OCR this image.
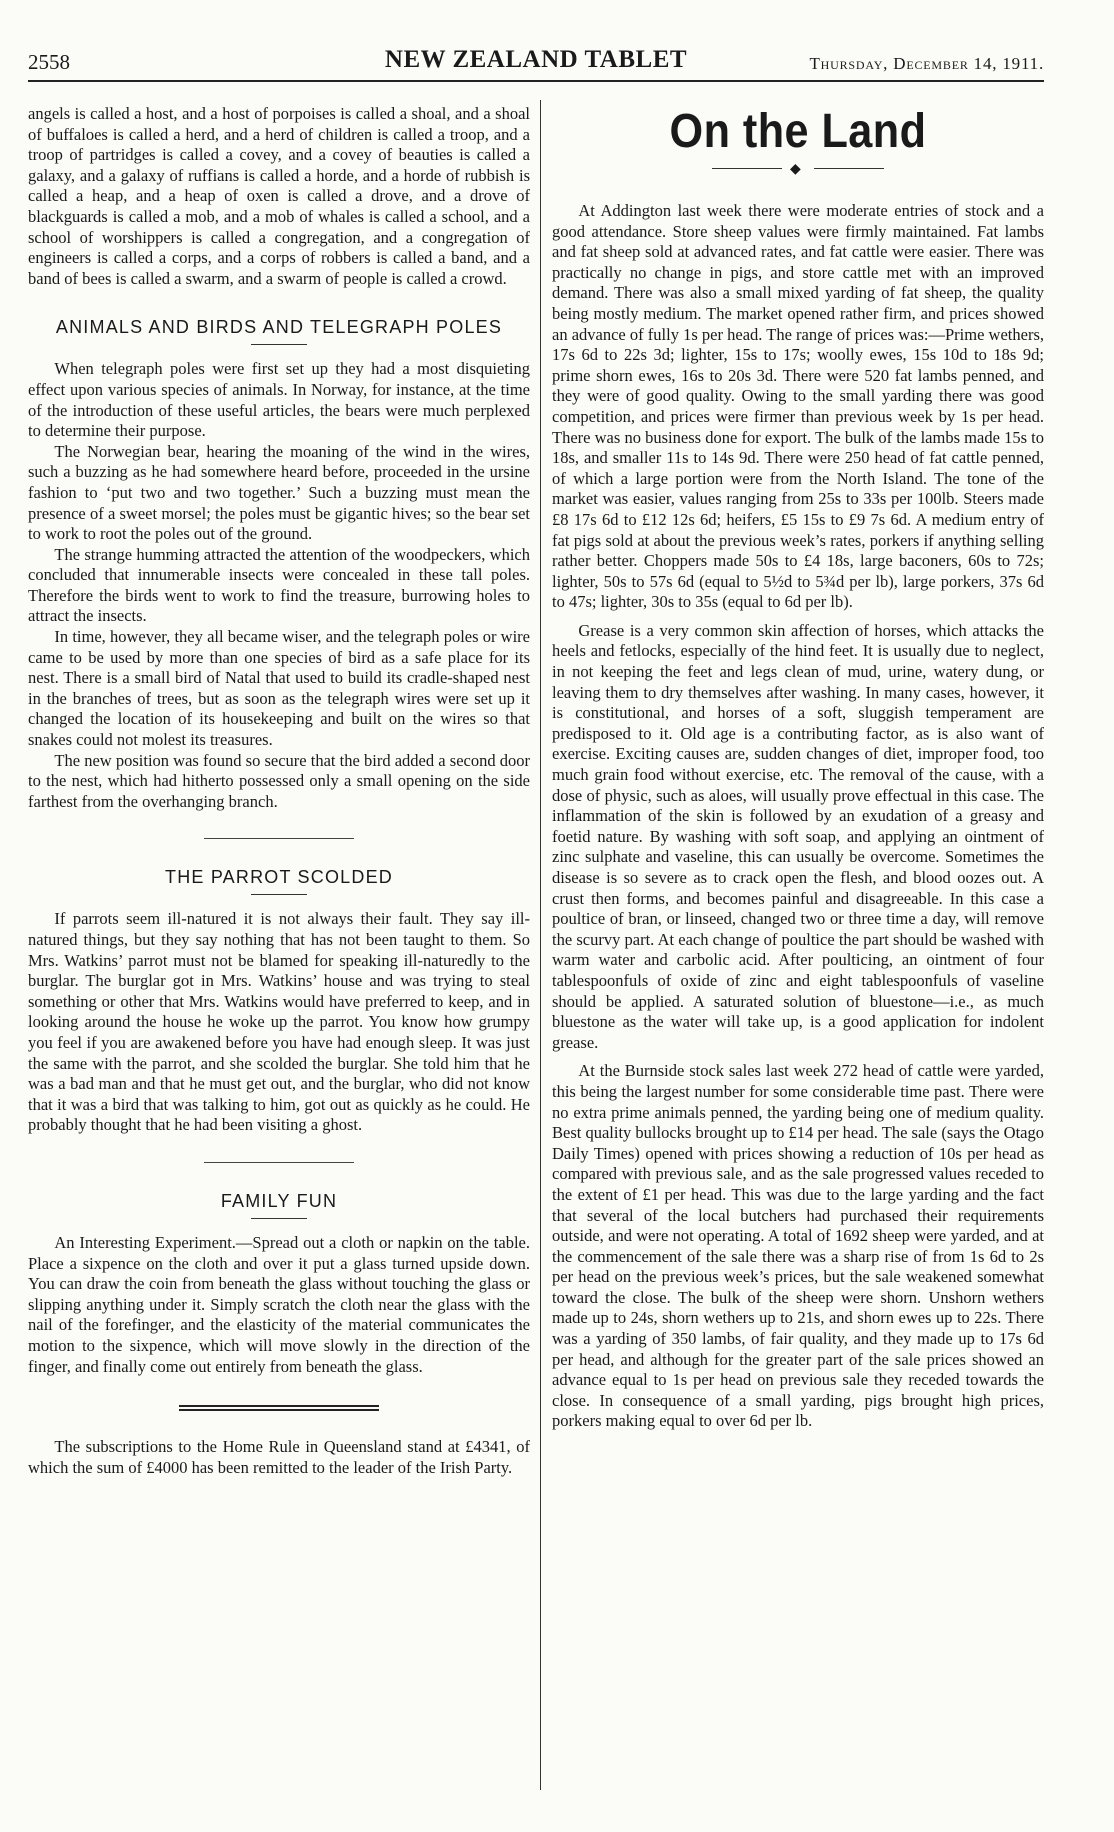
2558	NEW ZEALAND TABLET	Thursday, December 14, 1911.

angels is called a host, and a host of porpoises is called a shoal, and a shoal of buffaloes is called a herd, and a herd of children is called a troop, and a troop of partridges is called a covey, and a covey of beauties is called a galaxy, and a galaxy of ruffians is called a horde, and a horde of rubbish is called a heap, and a heap of oxen is called a drove, and a drove of blackguards is called a mob, and a mob of whales is called a school, and a school of worshippers is called a congregation, and a congregation of engineers is called a corps, and a corps of robbers is called a band, and a band of bees is called a swarm, and a swarm of people is called a crowd.

ANIMALS AND BIRDS AND TELEGRAPH POLES

When telegraph poles were first set up they had a most disquieting effect upon various species of animals. In Norway, for instance, at the time of the introduction of these useful articles, the bears were much perplexed to determine their purpose.

The Norwegian bear, hearing the moaning of the wind in the wires, such a buzzing as he had somewhere heard before, proceeded in the ursine fashion to ‘put two and two together.’ Such a buzzing must mean the presence of a sweet morsel; the poles must be gigantic hives; so the bear set to work to root the poles out of the ground.

The strange humming attracted the attention of the woodpeckers, which concluded that innumerable insects were concealed in these tall poles. Therefore the birds went to work to find the treasure, burrowing holes to attract the insects.

In time, however, they all became wiser, and the telegraph poles or wire came to be used by more than one species of bird as a safe place for its nest. There is a small bird of Natal that used to build its cradle-shaped nest in the branches of trees, but as soon as the telegraph wires were set up it changed the location of its housekeeping and built on the wires so that snakes could not molest its treasures.

The new position was found so secure that the bird added a second door to the nest, which had hitherto possessed only a small opening on the side farthest from the overhanging branch.

THE PARROT SCOLDED

If parrots seem ill-natured it is not always their fault. They say ill-natured things, but they say nothing that has not been taught to them. So Mrs. Watkins’ parrot must not be blamed for speaking ill-naturedly to the burglar. The burglar got in Mrs. Watkins’ house and was trying to steal something or other that Mrs. Watkins would have preferred to keep, and in looking around the house he woke up the parrot. You know how grumpy you feel if you are awakened before you have had enough sleep. It was just the same with the parrot, and she scolded the burglar. She told him that he was a bad man and that he must get out, and the burglar, who did not know that it was a bird that was talking to him, got out as quickly as he could. He probably thought that he had been visiting a ghost.

FAMILY FUN

An Interesting Experiment.—Spread out a cloth or napkin on the table. Place a sixpence on the cloth and over it put a glass turned upside down. You can draw the coin from beneath the glass without touching the glass or slipping anything under it. Simply scratch the cloth near the glass with the nail of the forefinger, and the elasticity of the material communicates the motion to the sixpence, which will move slowly in the direction of the finger, and finally come out entirely from beneath the glass.

The subscriptions to the Home Rule in Queensland stand at £4341, of which the sum of £4000 has been remitted to the leader of the Irish Party.

On the Land
◆

At Addington last week there were moderate entries of stock and a good attendance. Store sheep values were firmly maintained. Fat lambs and fat sheep sold at advanced rates, and fat cattle were easier. There was practically no change in pigs, and store cattle met with an improved demand. There was also a small mixed yarding of fat sheep, the quality being mostly medium. The market opened rather firm, and prices showed an advance of fully 1s per head. The range of prices was:—Prime wethers, 17s 6d to 22s 3d; lighter, 15s to 17s; woolly ewes, 15s 10d to 18s 9d; prime shorn ewes, 16s to 20s 3d. There were 520 fat lambs penned, and they were of good quality. Owing to the small yarding there was good competition, and prices were firmer than previous week by 1s per head. There was no business done for export. The bulk of the lambs made 15s to 18s, and smaller 11s to 14s 9d. There were 250 head of fat cattle penned, of which a large portion were from the North Island. The tone of the market was easier, values ranging from 25s to 33s per 100lb. Steers made £8 17s 6d to £12 12s 6d; heifers, £5 15s to £9 7s 6d. A medium entry of fat pigs sold at about the previous week’s rates, porkers if anything selling rather better. Choppers made 50s to £4 18s, large baconers, 60s to 72s; lighter, 50s to 57s 6d (equal to 5½d to 5¾d per lb), large porkers, 37s 6d to 47s; lighter, 30s to 35s (equal to 6d per lb).

Grease is a very common skin affection of horses, which attacks the heels and fetlocks, especially of the hind feet. It is usually due to neglect, in not keeping the feet and legs clean of mud, urine, watery dung, or leaving them to dry themselves after washing. In many cases, however, it is constitutional, and horses of a soft, sluggish temperament are predisposed to it. Old age is a contributing factor, as is also want of exercise. Exciting causes are, sudden changes of diet, improper food, too much grain food without exercise, etc. The removal of the cause, with a dose of physic, such as aloes, will usually prove effectual in this case. The inflammation of the skin is followed by an exudation of a greasy and foetid nature. By washing with soft soap, and applying an ointment of zinc sulphate and vaseline, this can usually be overcome. Sometimes the disease is so severe as to crack open the flesh, and blood oozes out. A crust then forms, and becomes painful and disagreeable. In this case a poultice of bran, or linseed, changed two or three time a day, will remove the scurvy part. At each change of poultice the part should be washed with warm water and carbolic acid. After poulticing, an ointment of four tablespoonfuls of oxide of zinc and eight tablespoonfuls of vaseline should be applied. A saturated solution of bluestone—i.e., as much bluestone as the water will take up, is a good application for indolent grease.

At the Burnside stock sales last week 272 head of cattle were yarded, this being the largest number for some considerable time past. There were no extra prime animals penned, the yarding being one of medium quality. Best quality bullocks brought up to £14 per head. The sale (says the Otago Daily Times) opened with prices showing a reduction of 10s per head as compared with previous sale, and as the sale progressed values receded to the extent of £1 per head. This was due to the large yarding and the fact that several of the local butchers had purchased their requirements outside, and were not operating. A total of 1692 sheep were yarded, and at the commencement of the sale there was a sharp rise of from 1s 6d to 2s per head on the previous week’s prices, but the sale weakened somewhat toward the close. The bulk of the sheep were shorn. Unshorn wethers made up to 24s, shorn wethers up to 21s, and shorn ewes up to 22s. There was a yarding of 350 lambs, of fair quality, and they made up to 17s 6d per head, and although for the greater part of the sale prices showed an advance equal to 1s per head on previous sale they receded towards the close. In consequence of a small yarding, pigs brought high prices, porkers making equal to over 6d per lb.
